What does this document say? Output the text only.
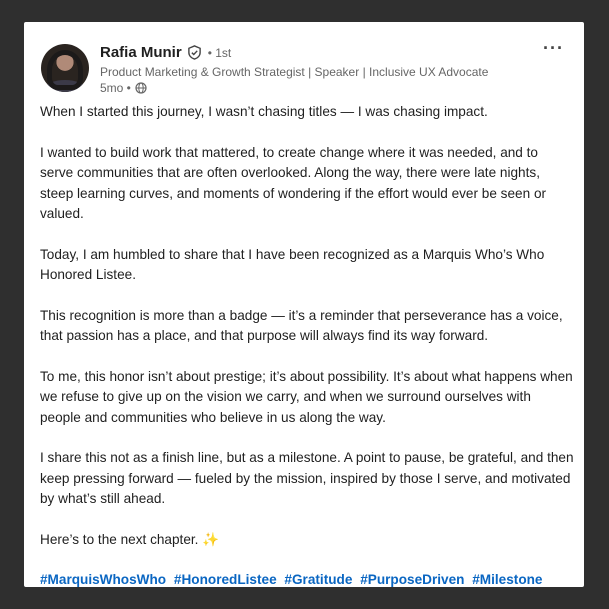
Rafia Munir • 1st
Product Marketing & Growth Strategist | Speaker | Inclusive UX Advocate
5mo •
···

When I started this journey, I wasn’t chasing titles — I was chasing impact.

I wanted to build work that mattered, to create change where it was needed, and to serve communities that are often overlooked. Along the way, there were late nights, steep learning curves, and moments of wondering if the effort would ever be seen or valued.

Today, I am humbled to share that I have been recognized as a Marquis Who’s Who Honored Listee.

This recognition is more than a badge — it’s a reminder that perseverance has a voice, that passion has a place, and that purpose will always find its way forward.

To me, this honor isn’t about prestige; it’s about possibility. It’s about what happens when we refuse to give up on the vision we carry, and when we surround ourselves with people and communities who believe in us along the way.

I share this not as a finish line, but as a milestone. A point to pause, be grateful, and then keep pressing forward — fueled by the mission, inspired by those I serve, and motivated by what’s still ahead.

Here’s to the next chapter. ✨

#MarquisWhosWho #HonoredListee #Gratitude #PurposeDriven #Milestone
